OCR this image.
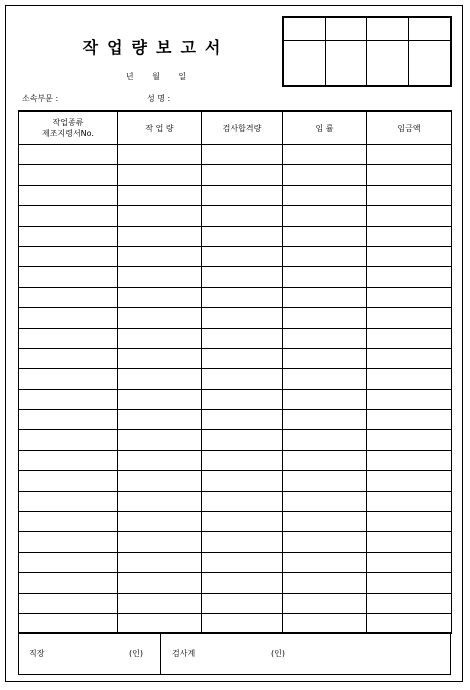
작업량보고서
년 월 일
소속부문 :	성 명 :
작업종류
제조지령서No.	작 업 량	검사합격량	임 률	임금액

직장	(인)	검사계	(인)
